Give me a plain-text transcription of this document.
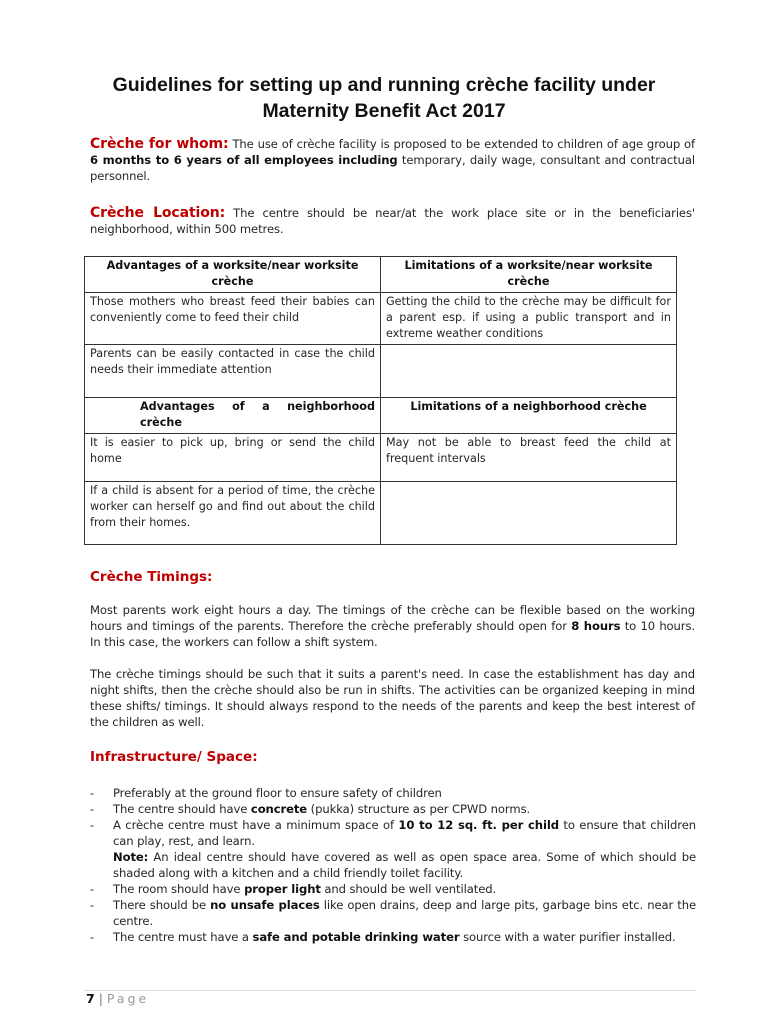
Guidelines for setting up and running crèche facility under
Maternity Benefit Act 2017
Crèche for whom: The use of crèche facility is proposed to be extended to children of age group of 6 months to 6 years of all employees including temporary, daily wage, consultant and contractual personnel.
Crèche Location: The centre should be near/at the work place site or in the beneficiaries' neighborhood, within 500 metres.
Advantages of a worksite/near worksite crèche	Limitations of a worksite/near worksite crèche
Those mothers who breast feed their babies can conveniently come to feed their child	Getting the child to the crèche may be difficult for a parent esp. if using a public transport and in extreme weather conditions
Parents can be easily contacted in case the child needs their immediate attention	
Advantages of a neighborhood crèche	Limitations of a neighborhood crèche
It is easier to pick up, bring or send the child home	May not be able to breast feed the child at frequent intervals
If a child is absent for a period of time, the crèche worker can herself go and find out about the child from their homes.	
Crèche Timings:
Most parents work eight hours a day. The timings of the crèche can be flexible based on the working hours and timings of the parents. Therefore the crèche preferably should open for 8 hours to 10 hours. In this case, the workers can follow a shift system.
The crèche timings should be such that it suits a parent's need. In case the establishment has day and night shifts, then the crèche should also be run in shifts. The activities can be organized keeping in mind these shifts/ timings. It should always respond to the needs of the parents and keep the best interest of the children as well.
Infrastructure/ Space:
- Preferably at the ground floor to ensure safety of children
- The centre should have concrete (pukka) structure as per CPWD norms.
- A crèche centre must have a minimum space of 10 to 12 sq. ft. per child to ensure that children can play, rest, and learn.
Note: An ideal centre should have covered as well as open space area. Some of which should be shaded along with a kitchen and a child friendly toilet facility.
- The room should have proper light and should be well ventilated.
- There should be no unsafe places like open drains, deep and large pits, garbage bins etc. near the centre.
- The centre must have a safe and potable drinking water source with a water purifier installed.
7 | Page
